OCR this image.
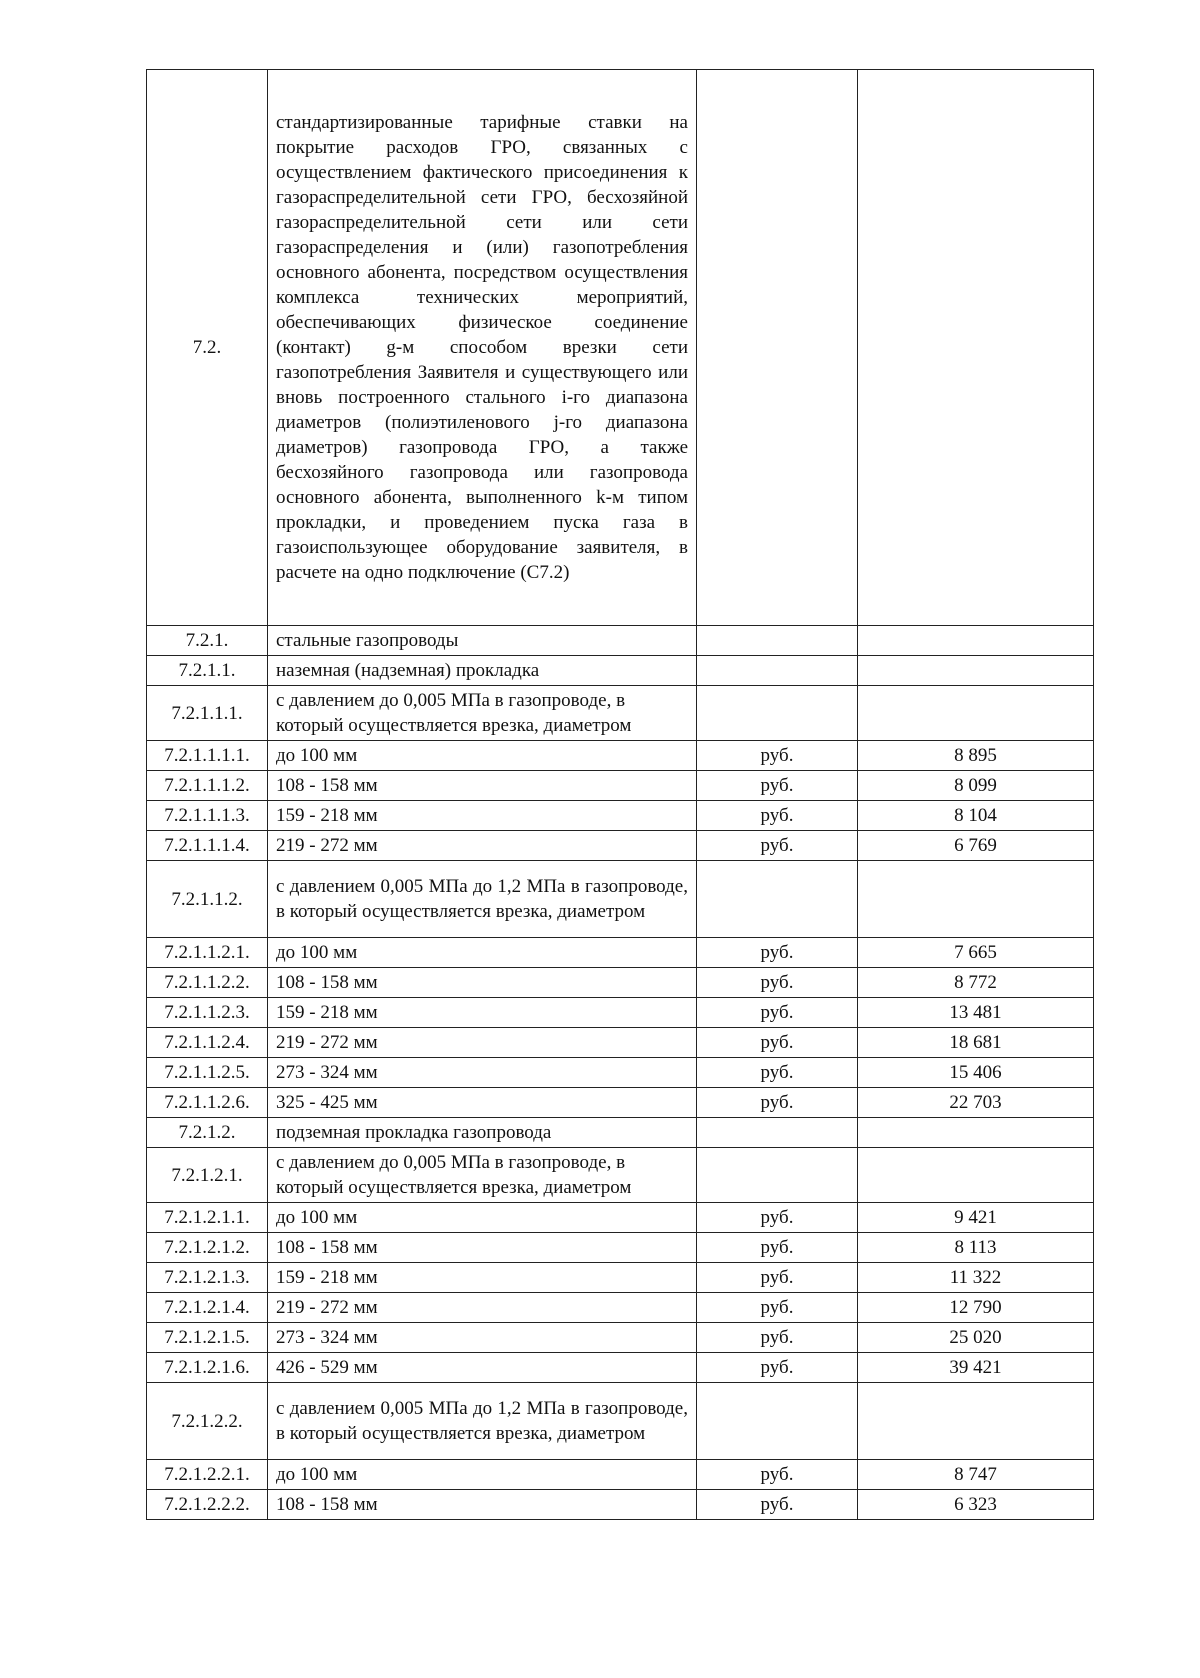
7.2.	стандартизированные тарифные ставки на покрытие расходов ГРО, связанных с осуществлением фактического присоединения к газораспределительной сети ГРО, бесхозяйной газораспределительной сети или сети газораспределения и (или) газопотребления основного абонента, посредством осуществления комплекса технических мероприятий, обеспечивающих физическое соединение (контакт) g-м способом врезки сети газопотребления Заявителя и существующего или вновь построенного стального i-го диапазона диаметров (полиэтиленового j-го диапазона диаметров) газопровода ГРО, а также бесхозяйного газопровода или газопровода основного абонента, выполненного k-м типом прокладки, и проведением пуска газа в газоиспользующее оборудование заявителя, в расчете на одно подключение (С7.2)		
7.2.1.	стальные газопроводы		
7.2.1.1.	наземная (надземная) прокладка		
7.2.1.1.1.	с давлением до 0,005 МПа в газопроводе, в который осуществляется врезка, диаметром		
7.2.1.1.1.1.	до 100 мм	руб.	8 895
7.2.1.1.1.2.	108 - 158 мм	руб.	8 099
7.2.1.1.1.3.	159 - 218 мм	руб.	8 104
7.2.1.1.1.4.	219 - 272 мм	руб.	6 769
7.2.1.1.2.	с давлением 0,005 МПа до 1,2 МПа в газопроводе, в который осуществляется врезка, диаметром		
7.2.1.1.2.1.	до 100 мм	руб.	7 665
7.2.1.1.2.2.	108 - 158 мм	руб.	8 772
7.2.1.1.2.3.	159 - 218 мм	руб.	13 481
7.2.1.1.2.4.	219 - 272 мм	руб.	18 681
7.2.1.1.2.5.	273 - 324 мм	руб.	15 406
7.2.1.1.2.6.	325 - 425 мм	руб.	22 703
7.2.1.2.	подземная прокладка газопровода		
7.2.1.2.1.	с давлением до 0,005 МПа в газопроводе, в который осуществляется врезка, диаметром		
7.2.1.2.1.1.	до 100 мм	руб.	9 421
7.2.1.2.1.2.	108 - 158 мм	руб.	8 113
7.2.1.2.1.3.	159 - 218 мм	руб.	11 322
7.2.1.2.1.4.	219 - 272 мм	руб.	12 790
7.2.1.2.1.5.	273 - 324 мм	руб.	25 020
7.2.1.2.1.6.	426 - 529 мм	руб.	39 421
7.2.1.2.2.	с давлением 0,005 МПа до 1,2 МПа в газопроводе, в который осуществляется врезка, диаметром		
7.2.1.2.2.1.	до 100 мм	руб.	8 747
7.2.1.2.2.2.	108 - 158 мм	руб.	6 323
